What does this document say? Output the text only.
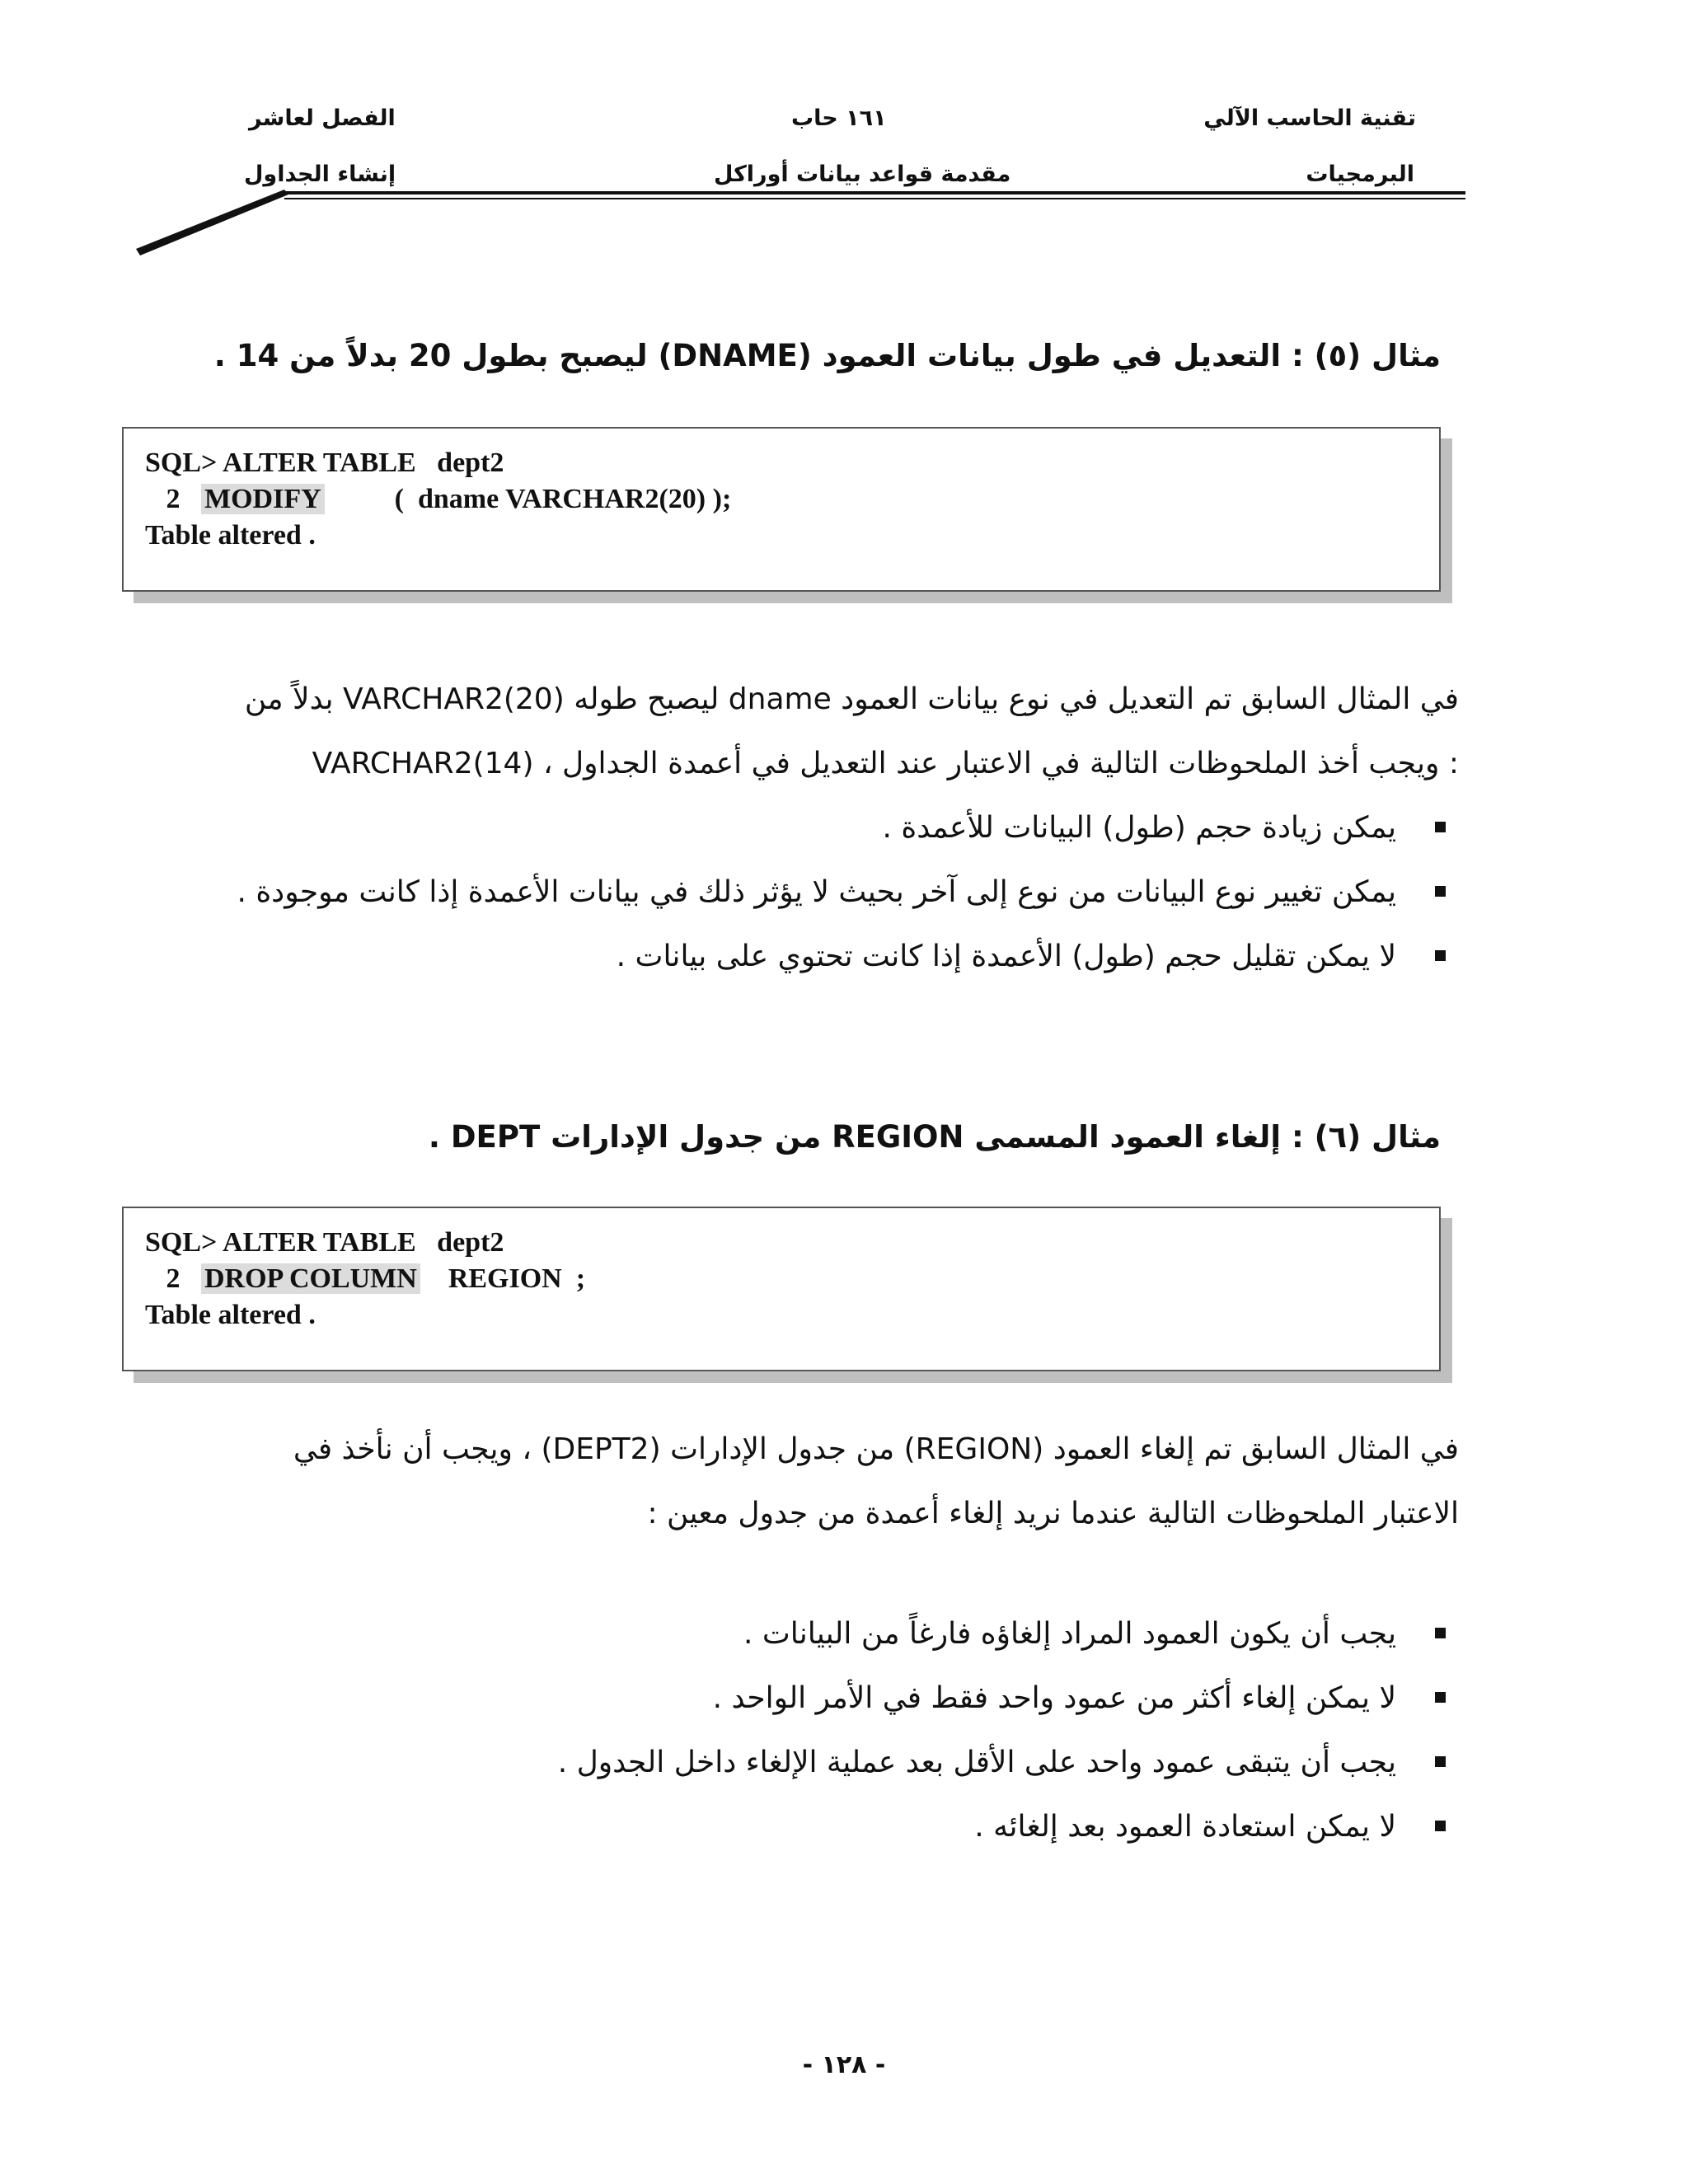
تقنية الحاسب الآلي
البرمجيات
١٦١ حاب
مقدمة قواعد بيانات أوراكل
الفصل لعاشر
إنشاء الجداول
مثال (٥) : التعديل في طول بيانات العمود (DNAME) ليصبح بطول 20 بدلاً من 14 .
SQL> ALTER TABLE   dept2
2 MODIFY	(  dname VARCHAR2(20) );
Table altered .
في المثال السابق تم التعديل في نوع بيانات العمود dname ليصبح طوله VARCHAR2(20) بدلاً من
VARCHAR2(14) ، ويجب أخذ الملحوظات التالية في الاعتبار عند التعديل في أعمدة الجداول :
يمكن زيادة حجم (طول) البيانات للأعمدة .
يمكن تغيير نوع البيانات من نوع إلى آخر بحيث لا يؤثر ذلك في بيانات الأعمدة إذا كانت موجودة .
لا يمكن تقليل حجم (طول) الأعمدة إذا كانت تحتوي على بيانات .
مثال (٦) : إلغاء العمود المسمى REGION من جدول الإدارات DEPT .
SQL> ALTER TABLE   dept2
2 DROP COLUMN REGION  ;
Table altered .
في المثال السابق تم إلغاء العمود (REGION) من جدول الإدارات (DEPT2) ، ويجب أن نأخذ في
الاعتبار الملحوظات التالية عندما نريد إلغاء أعمدة من جدول معين :
يجب أن يكون العمود المراد إلغاؤه فارغاً من البيانات .
لا يمكن إلغاء أكثر من عمود واحد فقط في الأمر الواحد .
يجب أن يتبقى عمود واحد على الأقل بعد عملية الإلغاء داخل الجدول .
لا يمكن استعادة العمود بعد إلغائه .
- ١٢٨ -
